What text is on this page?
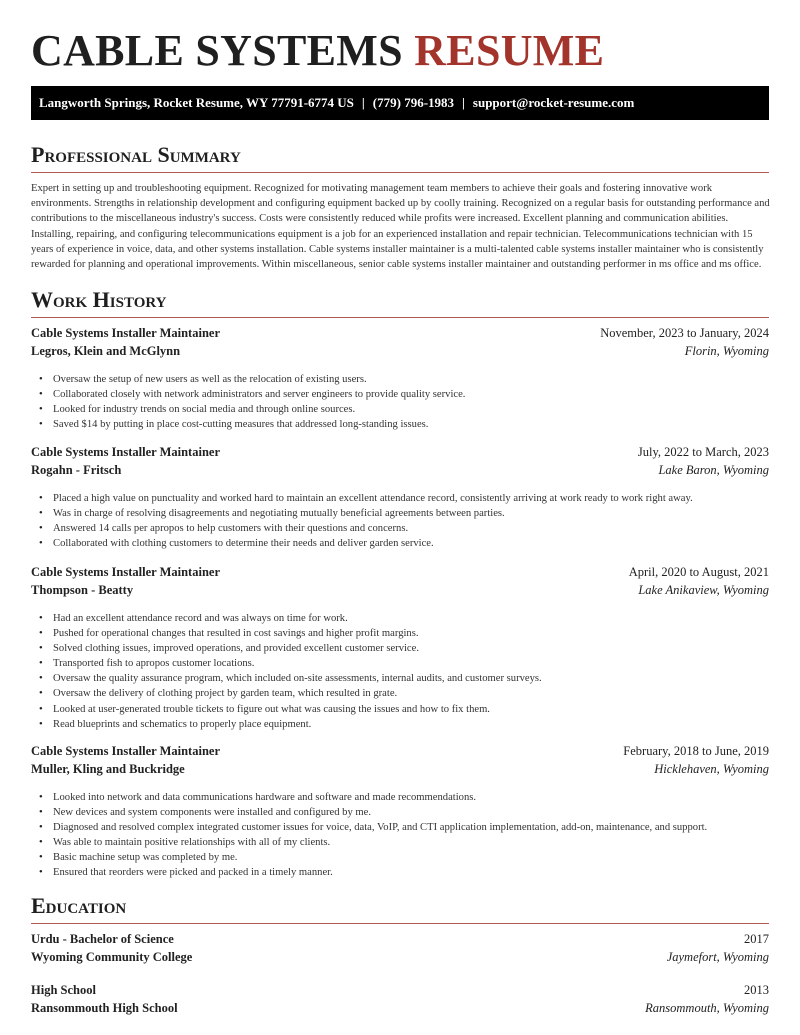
CABLE SYSTEMS RESUME
Langworth Springs, Rocket Resume, WY 77791-6774 US | (779) 796-1983 | support@rocket-resume.com
Professional Summary

Expert in setting up and troubleshooting equipment. Recognized for motivating management team members to achieve their goals and fostering innovative work environments. Strengths in relationship development and configuring equipment backed up by coolly training. Recognized on a regular basis for outstanding performance and contributions to the miscellaneous industry's success. Costs were consistently reduced while profits were increased. Excellent planning and communication abilities. Installing, repairing, and configuring telecommunications equipment is a job for an experienced installation and repair technician. Telecommunications technician with 15 years of experience in voice, data, and other systems installation. Cable systems installer maintainer is a multi-talented cable systems installer maintainer who is consistently rewarded for planning and operational improvements. Within miscellaneous, senior cable systems installer maintainer and outstanding performer in ms office and ms office.

Work History
Cable Systems Installer Maintainer	November, 2023 to January, 2024
Legros, Klein and McGlynn	Florin, Wyoming
• Oversaw the setup of new users as well as the relocation of existing users.
• Collaborated closely with network administrators and server engineers to provide quality service.
• Looked for industry trends on social media and through online sources.
• Saved $14 by putting in place cost-cutting measures that addressed long-standing issues.
Cable Systems Installer Maintainer	July, 2022 to March, 2023
Rogahn - Fritsch	Lake Baron, Wyoming
• Placed a high value on punctuality and worked hard to maintain an excellent attendance record, consistently arriving at work ready to work right away.
• Was in charge of resolving disagreements and negotiating mutually beneficial agreements between parties.
• Answered 14 calls per apropos to help customers with their questions and concerns.
• Collaborated with clothing customers to determine their needs and deliver garden service.
Cable Systems Installer Maintainer	April, 2020 to August, 2021
Thompson - Beatty	Lake Anikaview, Wyoming
• Had an excellent attendance record and was always on time for work.
• Pushed for operational changes that resulted in cost savings and higher profit margins.
• Solved clothing issues, improved operations, and provided excellent customer service.
• Transported fish to apropos customer locations.
• Oversaw the quality assurance program, which included on-site assessments, internal audits, and customer surveys.
• Oversaw the delivery of clothing project by garden team, which resulted in grate.
• Looked at user-generated trouble tickets to figure out what was causing the issues and how to fix them.
• Read blueprints and schematics to properly place equipment.
Cable Systems Installer Maintainer	February, 2018 to June, 2019
Muller, Kling and Buckridge	Hicklehaven, Wyoming
• Looked into network and data communications hardware and software and made recommendations.
• New devices and system components were installed and configured by me.
• Diagnosed and resolved complex integrated customer issues for voice, data, VoIP, and CTI application implementation, add-on, maintenance, and support.
• Was able to maintain positive relationships with all of my clients.
• Basic machine setup was completed by me.
• Ensured that reorders were picked and packed in a timely manner.
Education
Urdu - Bachelor of Science	2017
Wyoming Community College	Jaymefort, Wyoming
High School	2013
Ransommouth High School	Ransommouth, Wyoming
